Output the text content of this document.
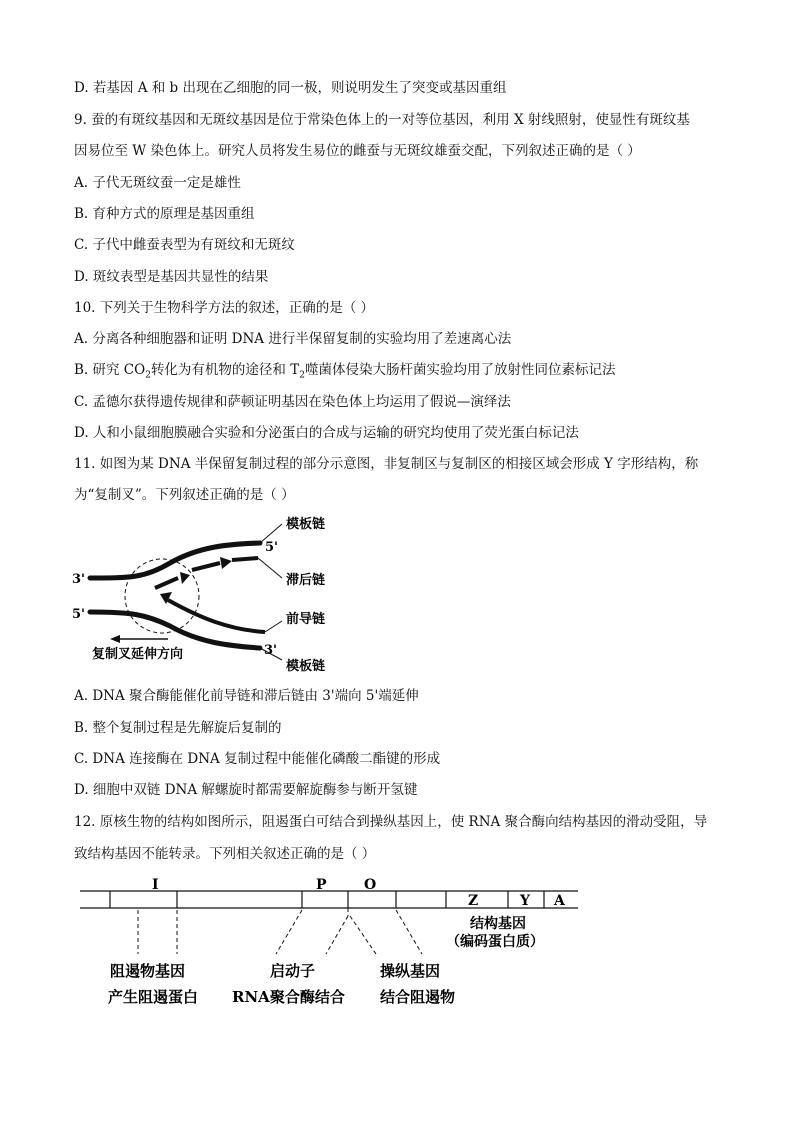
D. 若基因 A 和 b 出现在乙细胞的同一极，则说明发生了突变或基因重组
9. 蚕的有斑纹基因和无斑纹基因是位于常染色体上的一对等位基因，利用 X 射线照射，使显性有斑纹基
因易位至 W 染色体上。研究人员将发生易位的雌蚕与无斑纹雄蚕交配，下列叙述正确的是（ ）
A. 子代无斑纹蚕一定是雄性
B. 育种方式的原理是基因重组
C. 子代中雌蚕表型为有斑纹和无斑纹
D. 斑纹表型是基因共显性的结果
10. 下列关于生物科学方法的叙述，正确的是（ ）
A. 分离各种细胞器和证明 DNA 进行半保留复制的实验均用了差速离心法
B. 研究 $CO_2$转化为有机物的途径和 $T_2$噬菌体侵染大肠杆菌实验均用了放射性同位素标记法
C. 孟德尔获得遗传规律和萨顿证明基因在染色体上均运用了假说—演绎法
D. 人和小鼠细胞膜融合实验和分泌蛋白的合成与运输的研究均使用了荧光蛋白标记法
11. 如图为某 DNA 半保留复制过程的部分示意图，非复制区与复制区的相接区域会形成 Y 字形结构，称
为“复制叉”。下列叙述正确的是（ ）
模板链
滞后链
前导链
模板链
5'
3'
5'
3'
复制叉延伸方向
A. DNA 聚合酶能催化前导链和滞后链由 3'端向 5'端延伸
B. 整个复制过程是先解旋后复制的
C. DNA 连接酶在 DNA 复制过程中能催化磷酸二酯键的形成
D. 细胞中双链 DNA 解螺旋时都需要解旋酶参与断开氢键
12. 原核生物的结构如图所示，阻遏蛋白可结合到操纵基因上，使 RNA 聚合酶向结构基因的滑动受阻，导
致结构基因不能转录。下列相关叙述正确的是（ ）
I	P	O
Z	Y A
结构基因
（编码蛋白质）
阻遏物基因
产生阻遏蛋白
启动子
RNA聚合酶结合
操纵基因
结合阻遏物
